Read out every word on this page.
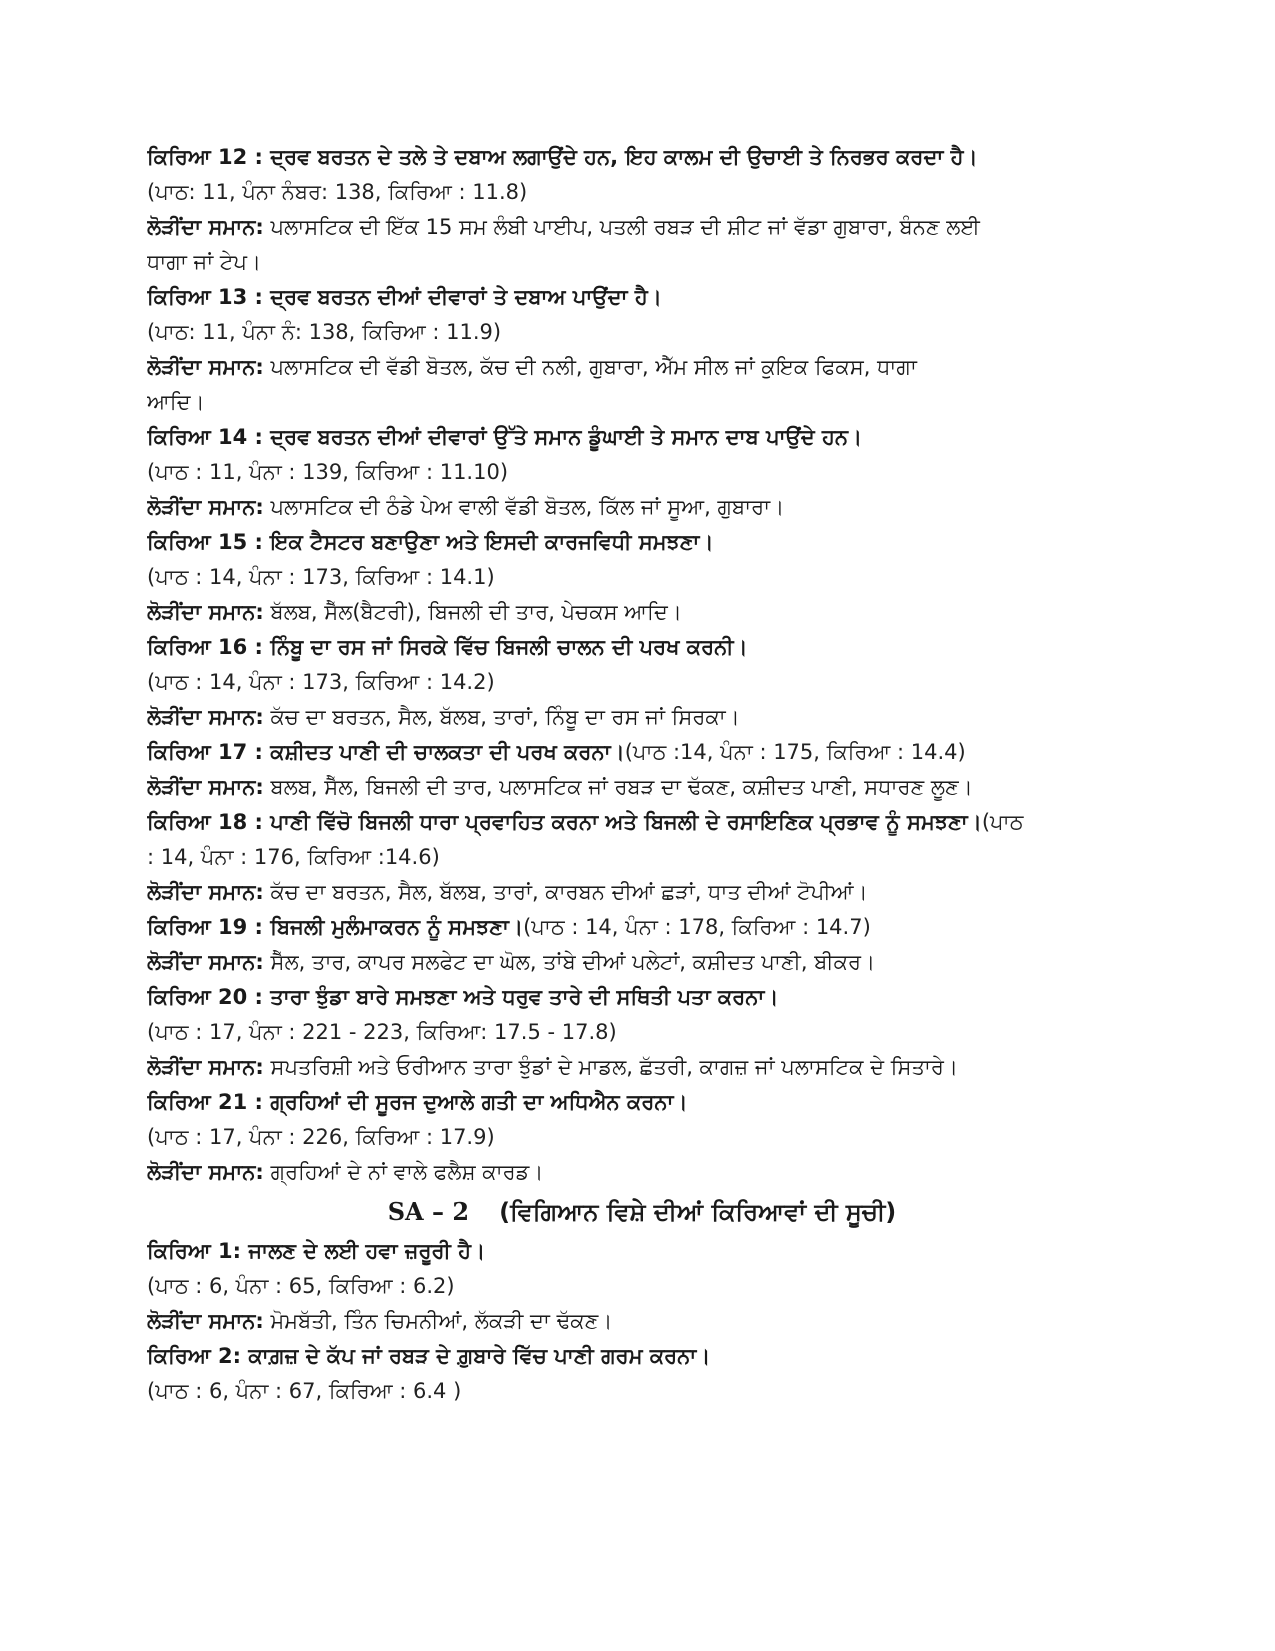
ਕਿਰਿਆ 12 : ਦ੍ਰਵ ਬਰਤਨ ਦੇ ਤਲੇ ਤੇ ਦਬਾਅ ਲਗਾਉਂਦੇ ਹਨ, ਇਹ ਕਾਲਮ ਦੀ ਉਚਾਈ ਤੇ ਨਿਰਭਰ ਕਰਦਾ ਹੈ।
(ਪਾਠ: 11, ਪੰਨਾ ਨੰਬਰ: 138, ਕਿਰਿਆ : 11.8)
ਲੋੜੀਂਦਾ ਸਮਾਨ: ਪਲਾਸਟਿਕ ਦੀ ਇੱਕ 15 ਸਮ ਲੰਬੀ ਪਾਈਪ, ਪਤਲੀ ਰਬੜ ਦੀ ਸ਼ੀਟ ਜਾਂ ਵੱਡਾ ਗੁਬਾਰਾ, ਬੰਨਣ ਲਈ
ਧਾਗਾ ਜਾਂ ਟੇਪ।
ਕਿਰਿਆ 13 : ਦ੍ਰਵ ਬਰਤਨ ਦੀਆਂ ਦੀਵਾਰਾਂ ਤੇ ਦਬਾਅ ਪਾਉਂਦਾ ਹੈ।
(ਪਾਠ: 11, ਪੰਨਾ ਨੰ: 138, ਕਿਰਿਆ : 11.9)
ਲੋੜੀਂਦਾ ਸਮਾਨ: ਪਲਾਸਟਿਕ ਦੀ ਵੱਡੀ ਬੋਤਲ, ਕੱਚ ਦੀ ਨਲੀ, ਗੁਬਾਰਾ, ਐੱਮ ਸੀਲ ਜਾਂ ਕੁਇਕ ਫਿਕਸ, ਧਾਗਾ
ਆਦਿ।
ਕਿਰਿਆ 14 : ਦ੍ਰਵ ਬਰਤਨ ਦੀਆਂ ਦੀਵਾਰਾਂ ਉੱਤੇ ਸਮਾਨ ਡੂੰਘਾਈ ਤੇ ਸਮਾਨ ਦਾਬ ਪਾਉਂਦੇ ਹਨ।
(ਪਾਠ : 11, ਪੰਨਾ : 139, ਕਿਰਿਆ : 11.10)
ਲੋੜੀਂਦਾ ਸਮਾਨ: ਪਲਾਸਟਿਕ ਦੀ ਠੰਡੇ ਪੇਅ ਵਾਲੀ ਵੱਡੀ ਬੋਤਲ, ਕਿੱਲ ਜਾਂ ਸੂਆ, ਗੁਬਾਰਾ।
ਕਿਰਿਆ 15 : ਇਕ ਟੈਸਟਰ ਬਣਾਉਣਾ ਅਤੇ ਇਸਦੀ ਕਾਰਜਵਿਧੀ ਸਮਝਣਾ।
(ਪਾਠ : 14, ਪੰਨਾ : 173, ਕਿਰਿਆ : 14.1)
ਲੋੜੀਂਦਾ ਸਮਾਨ: ਬੱਲਬ, ਸੈੱਲ(ਬੈਟਰੀ), ਬਿਜਲੀ ਦੀ ਤਾਰ, ਪੇਚਕਸ ਆਦਿ।
ਕਿਰਿਆ 16 : ਨਿੰਬੂ ਦਾ ਰਸ ਜਾਂ ਸਿਰਕੇ ਵਿੱਚ ਬਿਜਲੀ ਚਾਲਨ ਦੀ ਪਰਖ ਕਰਨੀ।
(ਪਾਠ : 14, ਪੰਨਾ : 173, ਕਿਰਿਆ : 14.2)
ਲੋੜੀਂਦਾ ਸਮਾਨ: ਕੱਚ ਦਾ ਬਰਤਨ, ਸੈਲ, ਬੱਲਬ, ਤਾਰਾਂ, ਨਿੰਬੂ ਦਾ ਰਸ ਜਾਂ ਸਿਰਕਾ।
ਕਿਰਿਆ 17 : ਕਸ਼ੀਦਤ ਪਾਣੀ ਦੀ ਚਾਲਕਤਾ ਦੀ ਪਰਖ ਕਰਨਾ।(ਪਾਠ :14, ਪੰਨਾ : 175, ਕਿਰਿਆ : 14.4)
ਲੋੜੀਂਦਾ ਸਮਾਨ: ਬਲਬ, ਸੈੱਲ, ਬਿਜਲੀ ਦੀ ਤਾਰ, ਪਲਾਸਟਿਕ ਜਾਂ ਰਬੜ ਦਾ ਢੱਕਣ, ਕਸ਼ੀਦਤ ਪਾਣੀ, ਸਧਾਰਣ ਲੂਣ।
ਕਿਰਿਆ 18 : ਪਾਣੀ ਵਿੱਚੋ ਬਿਜਲੀ ਧਾਰਾ ਪ੍ਰਵਾਹਿਤ ਕਰਨਾ ਅਤੇ ਬਿਜਲੀ ਦੇ ਰਸਾਇਣਿਕ ਪ੍ਰਭਾਵ ਨੂੰ ਸਮਝਣਾ।(ਪਾਠ
: 14, ਪੰਨਾ : 176, ਕਿਰਿਆ :14.6)
ਲੋੜੀਂਦਾ ਸਮਾਨ: ਕੱਚ ਦਾ ਬਰਤਨ, ਸੈਲ, ਬੱਲਬ, ਤਾਰਾਂ, ਕਾਰਬਨ ਦੀਆਂ ਛੜਾਂ, ਧਾਤ ਦੀਆਂ ਟੋਪੀਆਂ।
ਕਿਰਿਆ 19 : ਬਿਜਲੀ ਮੁਲੰਮਾਕਰਨ ਨੂੰ ਸਮਝਣਾ।(ਪਾਠ : 14, ਪੰਨਾ : 178, ਕਿਰਿਆ : 14.7)
ਲੋੜੀਂਦਾ ਸਮਾਨ: ਸੈੱਲ, ਤਾਰ, ਕਾਪਰ ਸਲਫੇਟ ਦਾ ਘੋਲ, ਤਾਂਬੇ ਦੀਆਂ ਪਲੇਟਾਂ, ਕਸ਼ੀਦਤ ਪਾਣੀ, ਬੀਕਰ।
ਕਿਰਿਆ 20 : ਤਾਰਾ ਝੁੰਡਾ ਬਾਰੇ ਸਮਝਣਾ ਅਤੇ ਧਰੁਵ ਤਾਰੇ ਦੀ ਸਥਿਤੀ ਪਤਾ ਕਰਨਾ।
(ਪਾਠ : 17, ਪੰਨਾ : 221 - 223, ਕਿਰਿਆ: 17.5 - 17.8)
ਲੋੜੀਂਦਾ ਸਮਾਨ: ਸਪਤਰਿਸ਼ੀ ਅਤੇ ਓਰੀਆਨ ਤਾਰਾ ਝੁੰਡਾਂ ਦੇ ਮਾਡਲ, ਛੱਤਰੀ, ਕਾਗਜ਼ ਜਾਂ ਪਲਾਸਟਿਕ ਦੇ ਸਿਤਾਰੇ।
ਕਿਰਿਆ 21 : ਗ੍ਰਹਿਆਂ ਦੀ ਸੂਰਜ ਦੁਆਲੇ ਗਤੀ ਦਾ ਅਧਿਐਨ ਕਰਨਾ।
(ਪਾਠ : 17, ਪੰਨਾ : 226, ਕਿਰਿਆ : 17.9)
ਲੋੜੀਂਦਾ ਸਮਾਨ: ਗ੍ਰਹਿਆਂ ਦੇ ਨਾਂ ਵਾਲੇ ਫਲੈਸ਼ ਕਾਰਡ।
SA – 2 (ਵਿਗਿਆਨ ਵਿਸ਼ੇ ਦੀਆਂ ਕਿਰਿਆਵਾਂ ਦੀ ਸੂਚੀ)
ਕਿਰਿਆ 1: ਜਾਲਣ ਦੇ ਲਈ ਹਵਾ ਜ਼ਰੂਰੀ ਹੈ।
(ਪਾਠ : 6, ਪੰਨਾ : 65, ਕਿਰਿਆ : 6.2)
ਲੋੜੀਂਦਾ ਸਮਾਨ: ਮੋਮਬੱਤੀ, ਤਿੰਨ ਚਿਮਨੀਆਂ, ਲੱਕੜੀ ਦਾ ਢੱਕਣ।
ਕਿਰਿਆ 2: ਕਾਗ਼ਜ਼ ਦੇ ਕੱਪ ਜਾਂ ਰਬੜ ਦੇ ਗ਼ੁਬਾਰੇ ਵਿੱਚ ਪਾਣੀ ਗਰਮ ਕਰਨਾ।
(ਪਾਠ : 6, ਪੰਨਾ : 67, ਕਿਰਿਆ : 6.4 )
